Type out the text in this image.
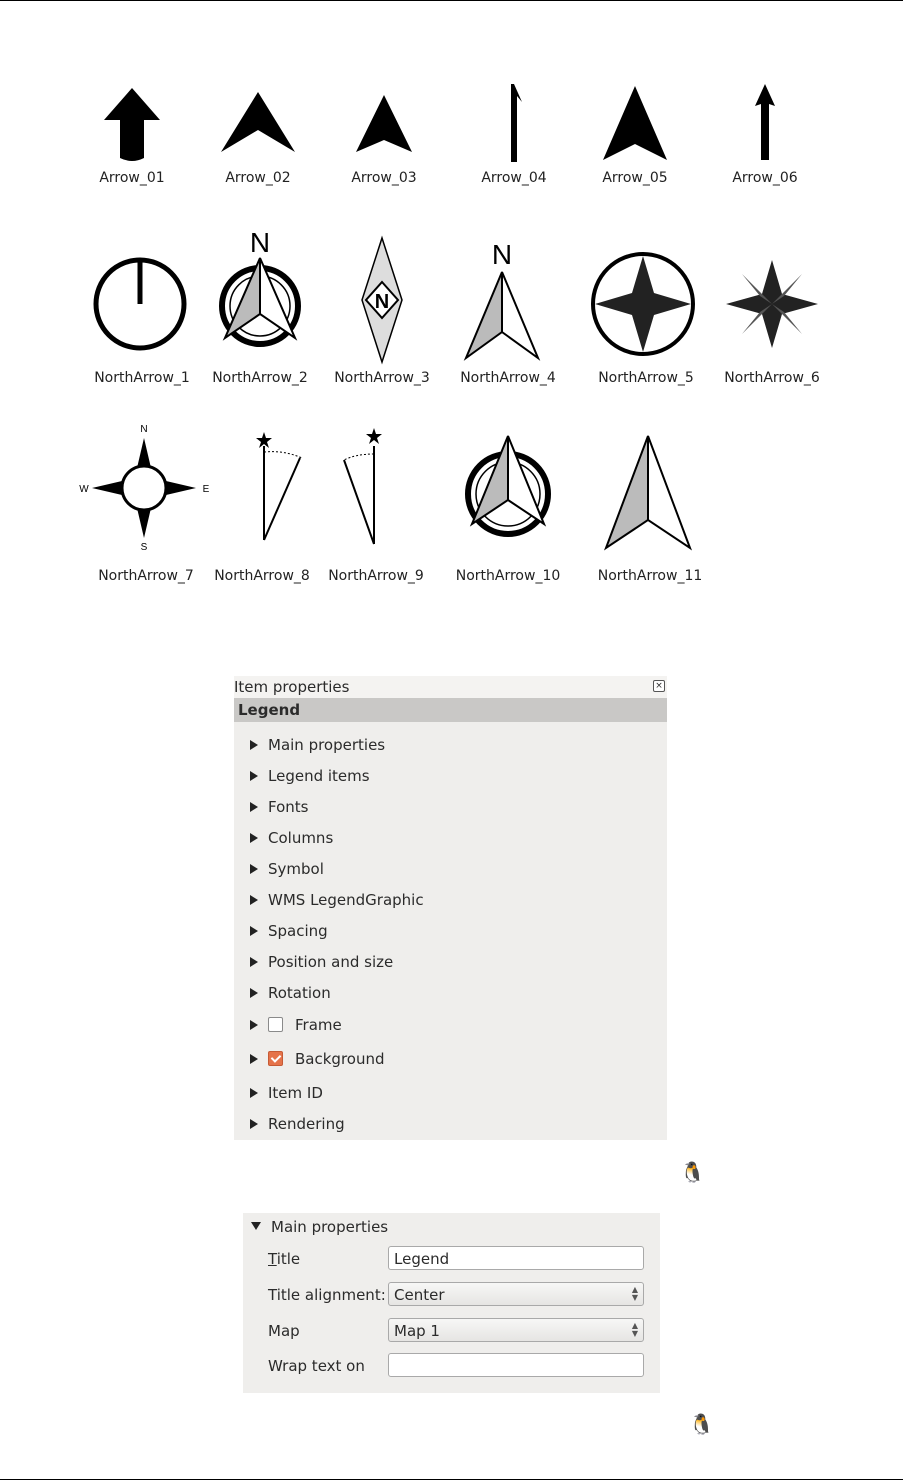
Arrow_01	Arrow_02	Arrow_03	Arrow_04	Arrow_05	Arrow_06
NorthArrow_1
N
NorthArrow_2
N
NorthArrow_3
N
NorthArrow_4	NorthArrow_5	NorthArrow_6
N
S
E
W
NorthArrow_7	NorthArrow_8	NorthArrow_9	NorthArrow_10	NorthArrow_11
Item properties	×
Legend
Main properties
Legend items
Fonts
Columns
Symbol
WMS LegendGraphic
Spacing
Position and size
Rotation
Frame
Background
Item ID
Rendering
🐧
Main properties
Title	Legend
Title alignment: Center	▲
▼
Map	Map 1	▲
▼
Wrap text on
🐧
